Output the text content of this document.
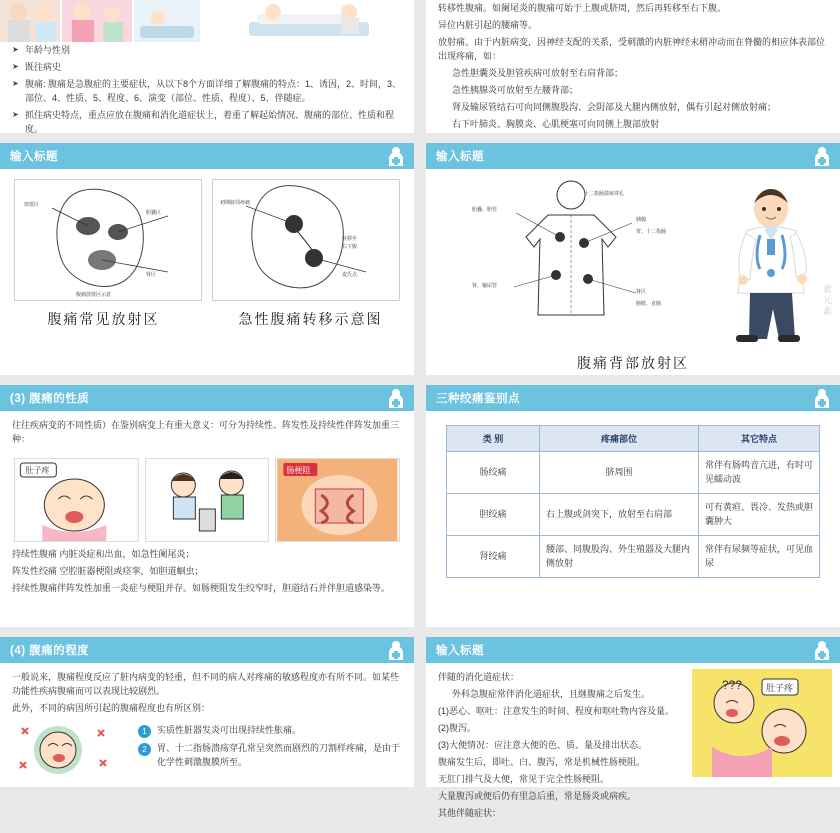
➤ 年龄与性别
➤ 既往病史
➤ 腹痛: 腹痛是急腹症的主要症状，从以下8个方面详细了解腹痛的特点：1、诱因，2、时间，3、部位、4、性质、5、程度、6、演变（部位、性质、程度）、5、伴随症。
➤ 抓住病史特点，重点应放在腹痛和消化道症状上，着重了解起始情况、腹痛的部位、性质和程度。
转移性腹痛。如阑尾炎的腹痛可始于上腹或脐周，然后再转移至右下腹。
异位内脏引起的腰痛等。
放射痛。由于内脏病变，因神经支配的关系，受刺激的内脏神经末稍冲动而在脊髓的相应体表部位出现疼痛，如：
急性胆囊炎及胆管疾病可放射至右肩背部；
急性胰腺炎可放射至左腰背部；
肾及输尿管结石可向同侧腹股沟、会阴部及大腿内侧放射，偶有引起对侧放射痛；
右下叶肺炎、胸膜炎、心肌梗塞可向同侧上腹部放射
输入标题
放射区
胆囊区
肾区
腹痛放射区示意
初期脐周疼痛
转移至
右下腹
麦氏点
腹痛常见放射区	急性腹痛转移示意图
输入标题
十二指肠溃疡穿孔
胆囊、胆管
胰腺
胃、十二指肠
肾、输尿管
肾区
膀胱、直肠	素元素
腹痛背部放射区
(3) 腹痛的性质
往往疾病变的不同性质）在鉴别病变上有重大意义：可分为持续性、阵发性及持续性伴阵发加重三种：
肚子疼	肠梗阻
持续性腹痛 内脏炎症和出血，如急性阑尾炎；
阵发性绞痛 空腔脏器梗阻或痉挛，如胆道蛔虫；
持续性腹痛伴阵发性加重一炎症与梗阻并存。如肠梗阻发生绞窄时，胆道结石并伴胆道感染等。
三种绞痛鉴别点
类 别	疼痛部位	其它特点
肠绞痛	脐周围	常伴有肠鸣音亢进，有时可见蠕动波
胆绞痛	右上腹或剑突下，放射至右肩部	可有黄疸、畏冷、发热或胆囊肿大
肾绞痛	腰部、同腹股沟、外生殖器及大腿内侧放射	常伴有尿频等症状，可见血尿
(4) 腹痛的程度
一般说来，腹痛程度反应了脏内病变的轻重，但不同的病人对疼痛的敏感程度亦有所不同。如某些功能性疾病腹痛而可以表现比较剧烈。
此外，不同的病因所引起的腹痛程度也有所区别：
1	实质性脏器发炎可出现持续性胀痛。
2	胃、十二指肠溃疡穿孔常呈突然而剧烈的刀割样疼痛，是由于化学性刺激腹膜所至。
输入标题
伴随的消化道症状：
外科急腹症常伴消化道症状，且继腹痛之后发生。
(1)恶心、呕吐：注意发生的时间、程度和呕吐物内容及量。
(2)腹泻。
(3)大便情况：应注意大便的色、质、量及排出状态。
腹痛发生后，即吐、白、腹泻，常是机械性肠梗阻。
无肛门排气及大便，常见于完全性肠梗阻。
大量腹泻或便后仍有里急后重，常是肠炎或病疾。
其他伴随症状：
???	肚子疼
